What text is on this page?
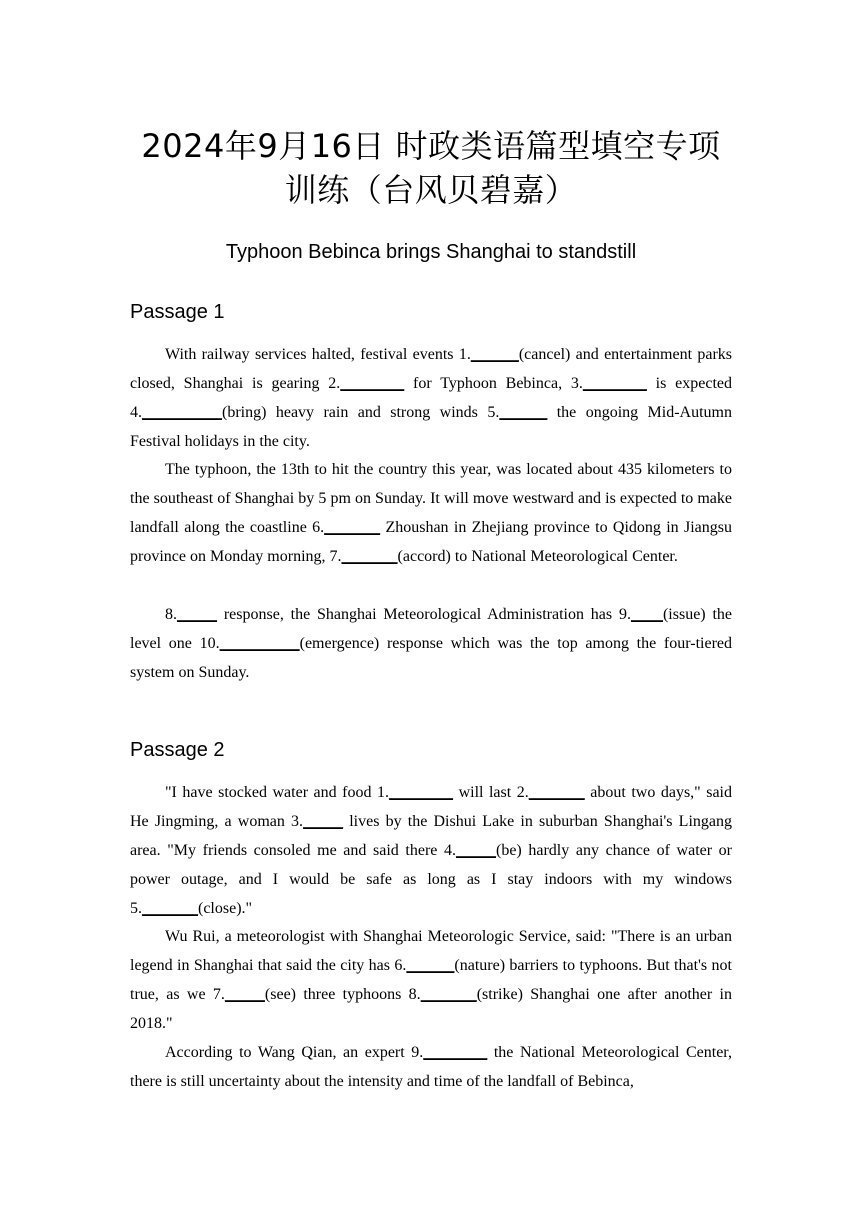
2024年9月16日 时政类语篇型填空专项训练（台风贝碧嘉）
Typhoon Bebinca brings Shanghai to standstill
Passage 1

With railway services halted, festival events 1.______(cancel) and entertainment parks closed, Shanghai is gearing 2.________ for Typhoon Bebinca, 3.________ is expected 4.__________(bring) heavy rain and strong winds 5.______ the ongoing Mid-Autumn Festival holidays in the city.

The typhoon, the 13th to hit the country this year, was located about 435 kilometers to the southeast of Shanghai by 5 pm on Sunday. It will move westward and is expected to make landfall along the coastline 6._______ Zhoushan in Zhejiang province to Qidong in Jiangsu province on Monday morning, 7._______(accord) to National Meteorological Center.

8._____ response, the Shanghai Meteorological Administration has 9.____(issue) the level one 10.__________(emergence) response which was the top among the four-tiered system on Sunday.

Passage 2

"I have stocked water and food 1.________ will last 2._______ about two days," said He Jingming, a woman 3._____ lives by the Dishui Lake in suburban Shanghai's Lingang area. "My friends consoled me and said there 4._____(be) hardly any chance of water or power outage, and I would be safe as long as I stay indoors with my windows 5._______(close)."

Wu Rui, a meteorologist with Shanghai Meteorologic Service, said: "There is an urban legend in Shanghai that said the city has 6.______(nature) barriers to typhoons. But that's not true, as we 7._____(see) three typhoons 8._______(strike) Shanghai one after another in 2018."

According to Wang Qian, an expert 9.________ the National Meteorological Center, there is still uncertainty about the intensity and time of the landfall of Bebinca,
